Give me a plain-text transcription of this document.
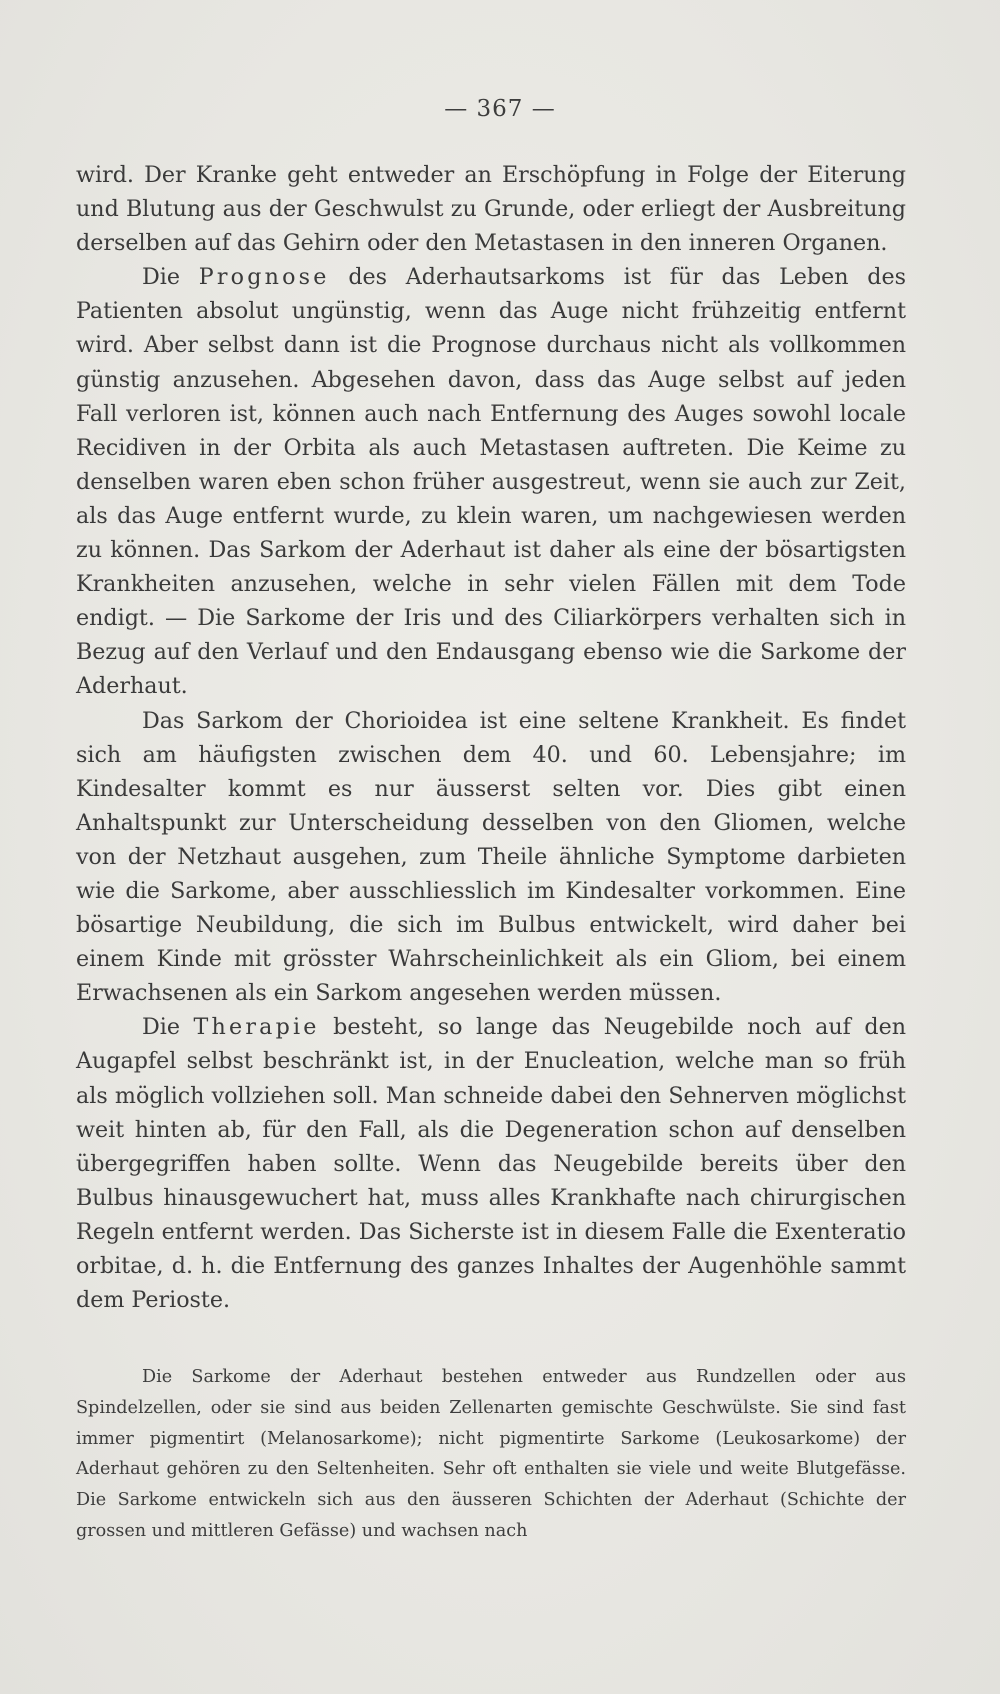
— 367 —

wird. Der Kranke geht entweder an Erschöpfung in Folge der Eiterung und Blutung aus der Geschwulst zu Grunde, oder erliegt der Ausbreitung derselben auf das Gehirn oder den Metastasen in den inneren Organen.

Die Prognose des Aderhautsarkoms ist für das Leben des Patienten absolut ungünstig, wenn das Auge nicht frühzeitig entfernt wird. Aber selbst dann ist die Prognose durchaus nicht als vollkommen günstig anzusehen. Abgesehen davon, dass das Auge selbst auf jeden Fall verloren ist, können auch nach Entfernung des Auges sowohl locale Recidiven in der Orbita als auch Metastasen auftreten. Die Keime zu denselben waren eben schon früher ausgestreut, wenn sie auch zur Zeit, als das Auge entfernt wurde, zu klein waren, um nachgewiesen werden zu können. Das Sarkom der Aderhaut ist daher als eine der bösartigsten Krankheiten anzusehen, welche in sehr vielen Fällen mit dem Tode endigt. — Die Sarkome der Iris und des Ciliarkörpers verhalten sich in Bezug auf den Verlauf und den Endausgang ebenso wie die Sarkome der Aderhaut.

Das Sarkom der Chorioidea ist eine seltene Krankheit. Es findet sich am häufigsten zwischen dem 40. und 60. Lebensjahre; im Kindesalter kommt es nur äusserst selten vor. Dies gibt einen Anhaltspunkt zur Unterscheidung desselben von den Gliomen, welche von der Netzhaut ausgehen, zum Theile ähnliche Symptome darbieten wie die Sarkome, aber ausschliesslich im Kindesalter vorkommen. Eine bösartige Neubildung, die sich im Bulbus entwickelt, wird daher bei einem Kinde mit grösster Wahrscheinlichkeit als ein Gliom, bei einem Erwachsenen als ein Sarkom angesehen werden müssen.

Die Therapie besteht, so lange das Neugebilde noch auf den Augapfel selbst beschränkt ist, in der Enucleation, welche man so früh als möglich vollziehen soll. Man schneide dabei den Sehnerven möglichst weit hinten ab, für den Fall, als die Degeneration schon auf denselben übergegriffen haben sollte. Wenn das Neugebilde bereits über den Bulbus hinausgewuchert hat, muss alles Krankhafte nach chirurgischen Regeln entfernt werden. Das Sicherste ist in diesem Falle die Exenteratio orbitae, d. h. die Entfernung des ganzes Inhaltes der Augenhöhle sammt dem Perioste.

Die Sarkome der Aderhaut bestehen entweder aus Rundzellen oder aus Spindelzellen, oder sie sind aus beiden Zellenarten gemischte Geschwülste. Sie sind fast immer pigmentirt (Melanosarkome); nicht pigmentirte Sarkome (Leukosarkome) der Aderhaut gehören zu den Seltenheiten. Sehr oft enthalten sie viele und weite Blutgefässe. Die Sarkome entwickeln sich aus den äusseren Schichten der Aderhaut (Schichte der grossen und mittleren Gefässe) und wachsen nach
